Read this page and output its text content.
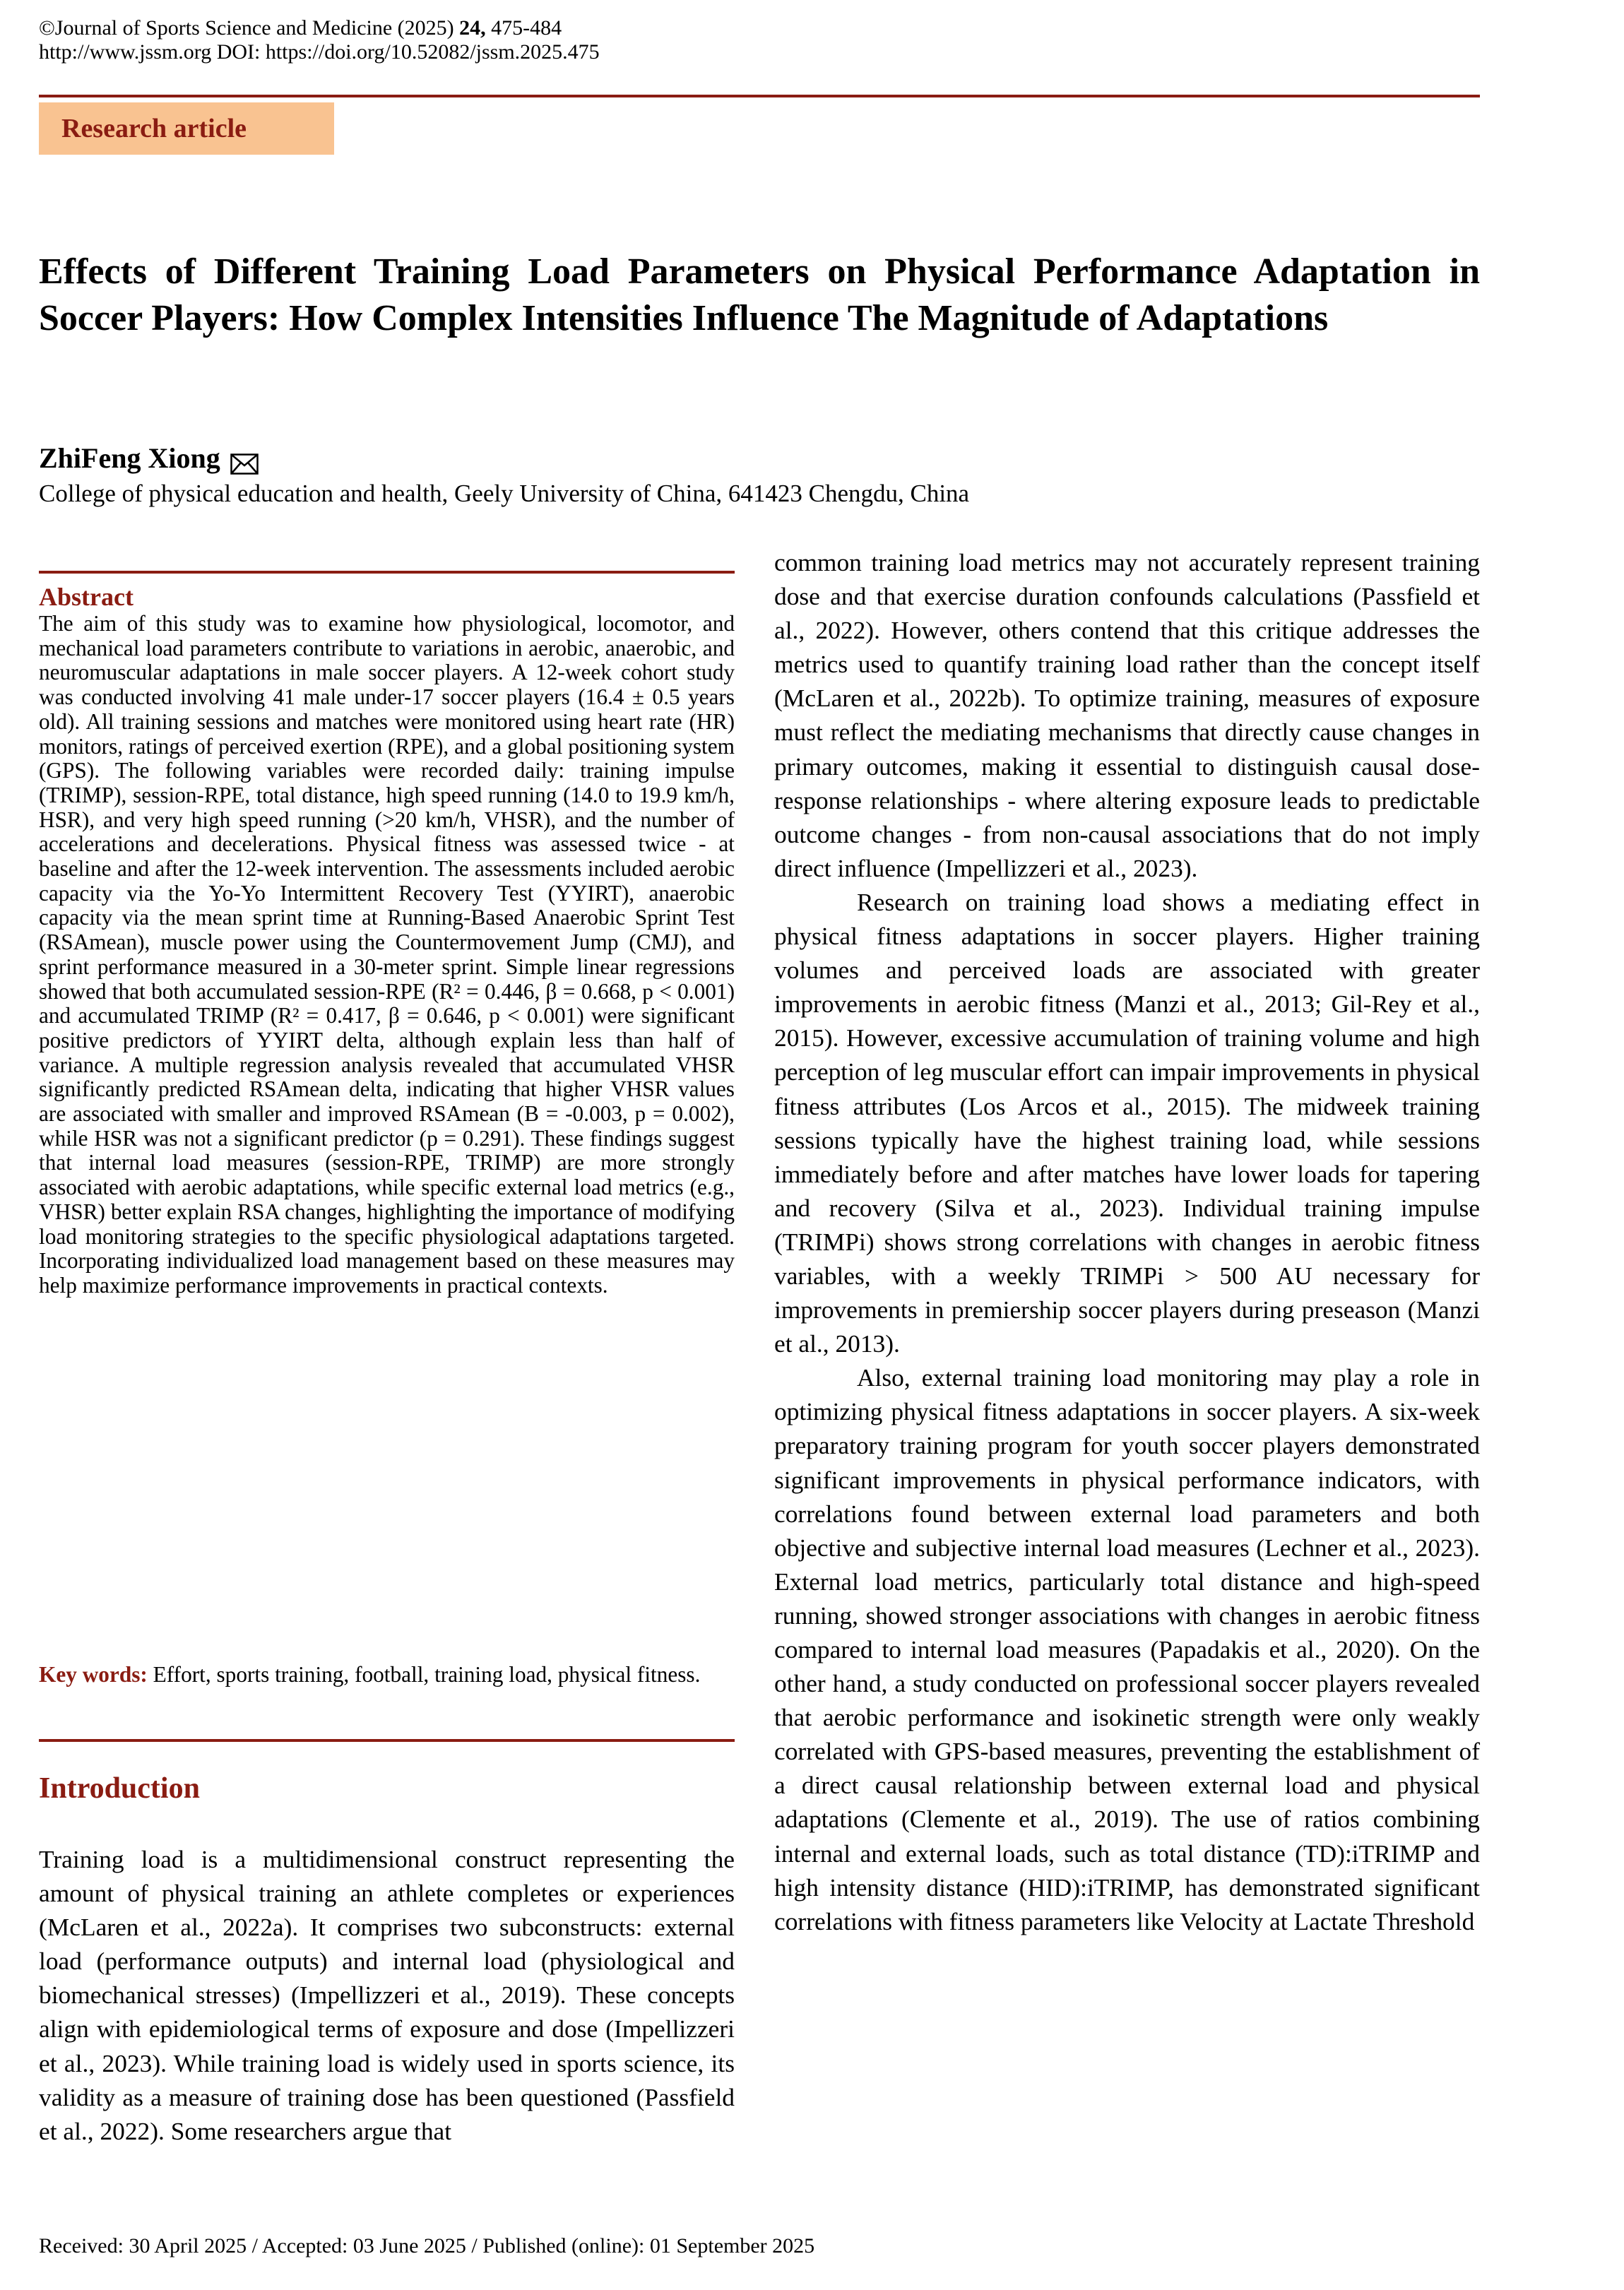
©Journal of Sports Science and Medicine (2025) 24, 475-484
http://www.jssm.org DOI: https://doi.org/10.52082/jssm.2025.475
Research article
Effects of Different Training Load Parameters on Physical Performance Adaptation in Soccer Players: How Complex Intensities Influence The Magnitude of Adaptations
ZhiFeng Xiong
College of physical education and health, Geely University of China, 641423 Chengdu, China
Abstract
The aim of this study was to examine how physiological, locomotor, and mechanical load parameters contribute to variations in aerobic, anaerobic, and neuromuscular adaptations in male soccer players. A 12-week cohort study was conducted involving 41 male under-17 soccer players (16.4 ± 0.5 years old). All training sessions and matches were monitored using heart rate (HR) monitors, ratings of perceived exertion (RPE), and a global positioning system (GPS). The following variables were recorded daily: training impulse (TRIMP), session-RPE, total distance, high speed running (14.0 to 19.9 km/h, HSR), and very high speed running (>20 km/h, VHSR), and the number of accelerations and decelerations. Physical fitness was assessed twice - at baseline and after the 12-week intervention. The assessments included aerobic capacity via the Yo-Yo Intermittent Recovery Test (YYIRT), anaerobic capacity via the mean sprint time at Running-Based Anaerobic Sprint Test (RSAmean), muscle power using the Countermovement Jump (CMJ), and sprint performance measured in a 30-meter sprint. Simple linear regressions showed that both accumulated session-RPE (R² = 0.446, β = 0.668, p < 0.001) and accumulated TRIMP (R² = 0.417, β = 0.646, p < 0.001) were significant positive predictors of YYIRT delta, although explain less than half of variance. A multiple regression analysis revealed that accumulated VHSR significantly predicted RSAmean delta, indicating that higher VHSR values are associated with smaller and improved RSAmean (B = -0.003, p = 0.002), while HSR was not a significant predictor (p = 0.291). These findings suggest that internal load measures (session-RPE, TRIMP) are more strongly associated with aerobic adaptations, while specific external load metrics (e.g., VHSR) better explain RSA changes, highlighting the importance of modifying load monitoring strategies to the specific physiological adaptations targeted. Incorporating individualized load management based on these measures may help maximize performance improvements in practical contexts.
Key words: Effort, sports training, football, training load, physical fitness.
Introduction
Training load is a multidimensional construct representing the amount of physical training an athlete completes or experiences (McLaren et al., 2022a). It comprises two subconstructs: external load (performance outputs) and internal load (physiological and biomechanical stresses) (Impellizzeri et al., 2019). These concepts align with epidemiological terms of exposure and dose (Impellizzeri et al., 2023). While training load is widely used in sports science, its validity as a measure of training dose has been questioned (Passfield et al., 2022). Some researchers argue that

common training load metrics may not accurately represent training dose and that exercise duration confounds calculations (Passfield et al., 2022). However, others contend that this critique addresses the metrics used to quantify training load rather than the concept itself (McLaren et al., 2022b). To optimize training, measures of exposure must reflect the mediating mechanisms that directly cause changes in primary outcomes, making it essential to distinguish causal dose-response relationships - where altering exposure leads to predictable outcome changes - from non-causal associations that do not imply direct influence (Impellizzeri et al., 2023).

Research on training load shows a mediating effect in physical fitness adaptations in soccer players. Higher training volumes and perceived loads are associated with greater improvements in aerobic fitness (Manzi et al., 2013; Gil-Rey et al., 2015). However, excessive accumulation of training volume and high perception of leg muscular effort can impair improvements in physical fitness attributes (Los Arcos et al., 2015). The midweek training sessions typically have the highest training load, while sessions immediately before and after matches have lower loads for tapering and recovery (Silva et al., 2023). Individual training impulse (TRIMPi) shows strong correlations with changes in aerobic fitness variables, with a weekly TRIMPi > 500 AU necessary for improvements in premiership soccer players during preseason (Manzi et al., 2013).

Also, external training load monitoring may play a role in optimizing physical fitness adaptations in soccer players. A six-week preparatory training program for youth soccer players demonstrated significant improvements in physical performance indicators, with correlations found between external load parameters and both objective and subjective internal load measures (Lechner et al., 2023). External load metrics, particularly total distance and high-speed running, showed stronger associations with changes in aerobic fitness compared to internal load measures (Papadakis et al., 2020). On the other hand, a study conducted on professional soccer players revealed that aerobic performance and isokinetic strength were only weakly correlated with GPS-based measures, preventing the establishment of a direct causal relationship between external load and physical adaptations (Clemente et al., 2019). The use of ratios combining internal and external loads, such as total distance (TD):iTRIMP and high intensity distance (HID):iTRIMP, has demonstrated significant correlations with fitness parameters like Velocity at Lactate Threshold

Received: 30 April 2025 / Accepted: 03 June 2025 / Published (online): 01 September 2025
